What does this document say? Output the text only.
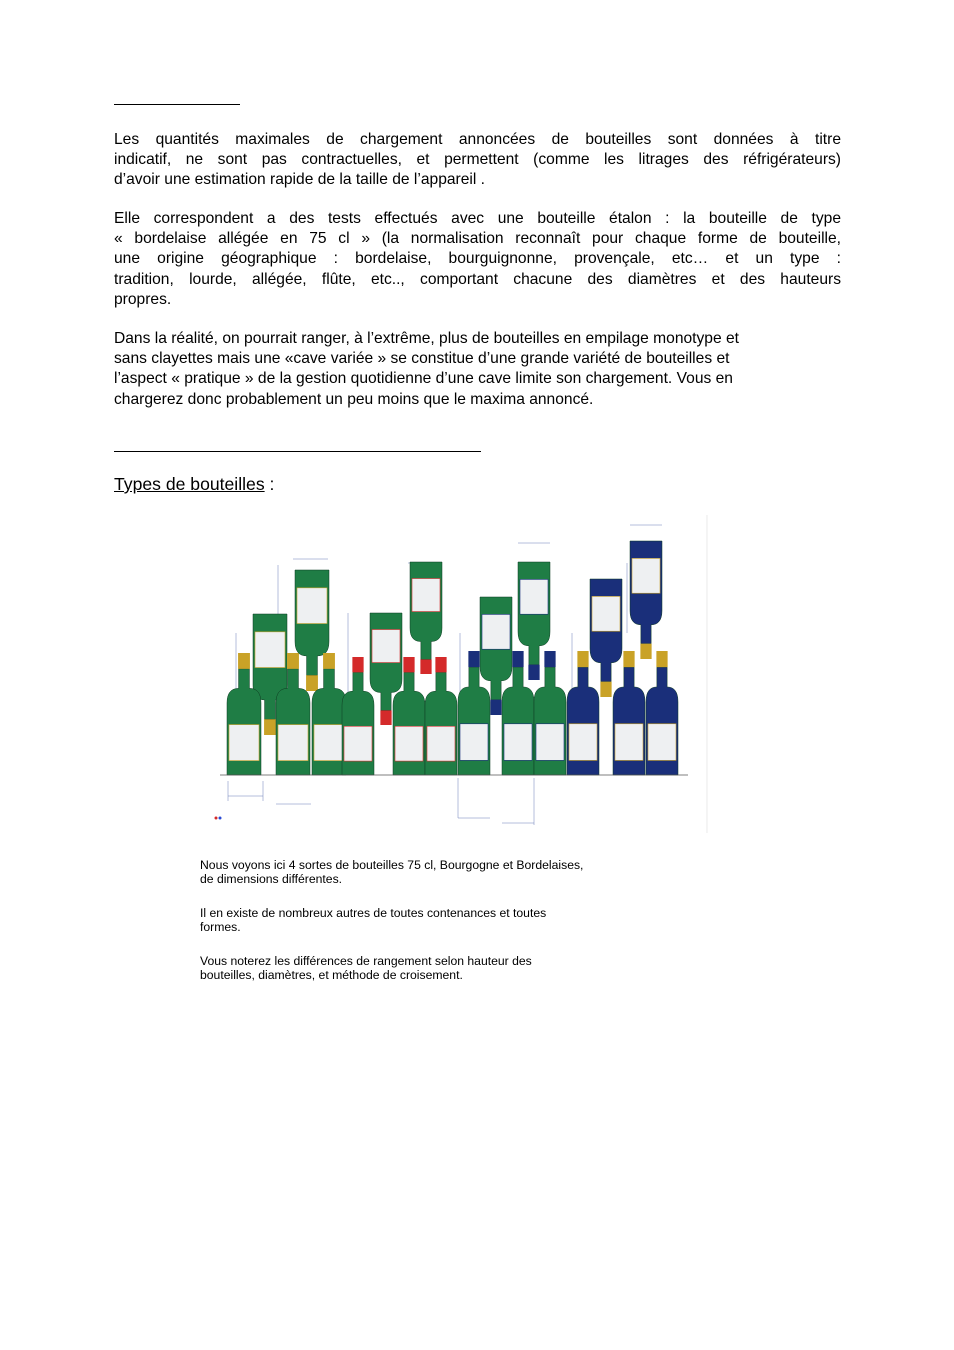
Les quantités maximales de chargement annoncées de bouteilles sont données à titre
indicatif, ne sont pas contractuelles, et permettent (comme les litrages des réfrigérateurs)
d’avoir une estimation rapide de la taille de l’appareil .
Elle correspondent a des tests effectués avec une bouteille étalon : la bouteille de type
« bordelaise allégée en 75 cl » (la normalisation reconnaît pour chaque forme de bouteille,
une origine géographique : bordelaise, bourguignonne, provençale, etc… et un type :
tradition, lourde, allégée, flûte, etc.., comportant chacune des diamètres et des hauteurs
propres.
Dans la réalité, on pourrait ranger, à l’extrême, plus de bouteilles en empilage monotype et
sans clayettes mais une «cave variée » se constitue d’une grande variété de bouteilles et
l’aspect « pratique » de la gestion quotidienne d’une cave limite son chargement. Vous en
chargerez donc probablement un peu moins que le maxima annoncé.

Types de bouteilles :

Nous voyons ici 4 sortes de bouteilles 75 cl, Bourgogne et Bordelaises,
de dimensions différentes.
Il en existe de nombreux autres de toutes contenances et toutes
formes.
Vous noterez les différences de rangement selon hauteur des
bouteilles, diamètres, et méthode de croisement.
